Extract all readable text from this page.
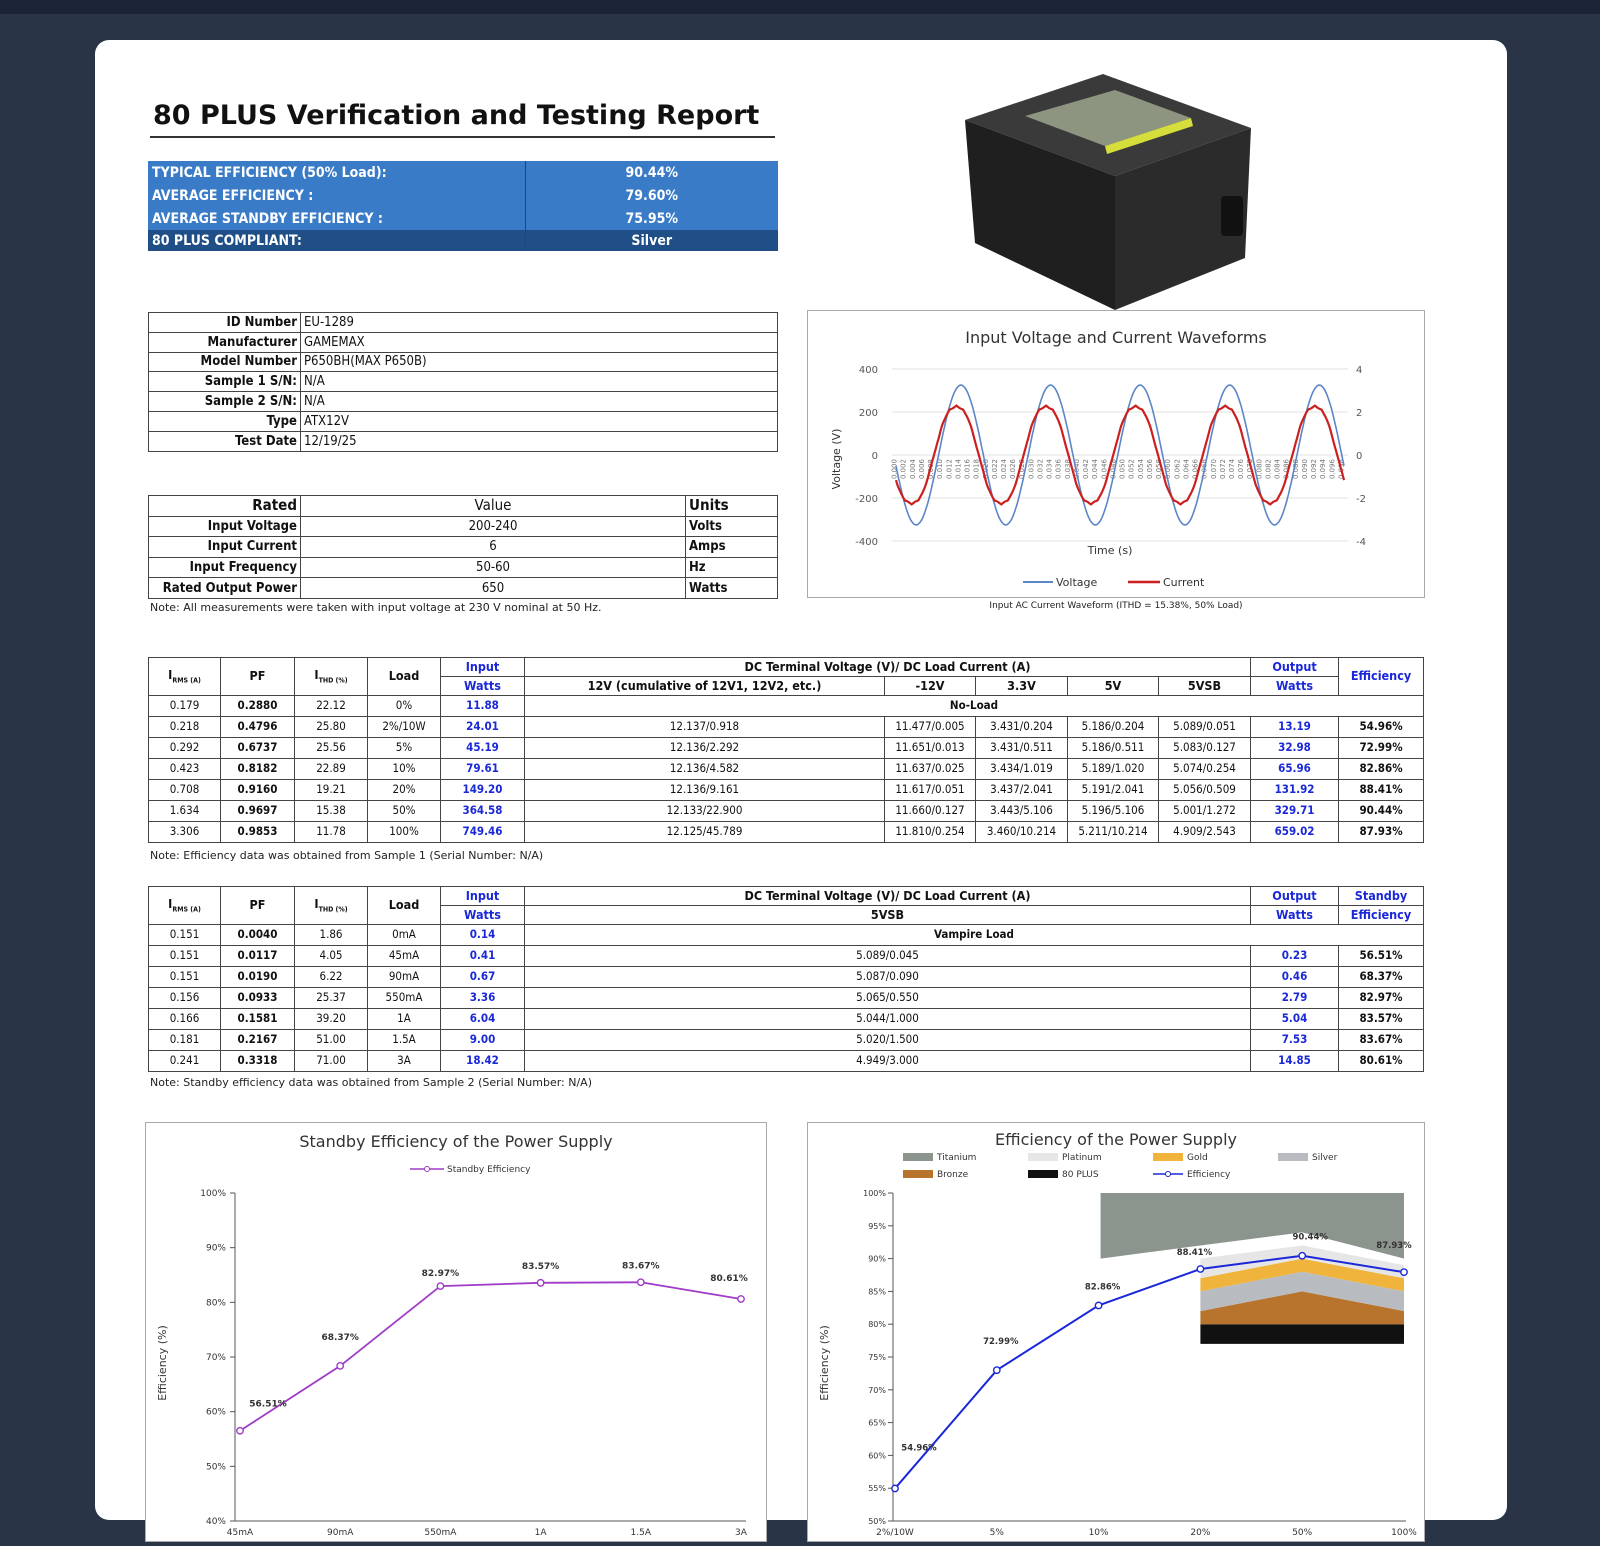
80 PLUS Verification and Testing Report
TYPICAL EFFICIENCY (50% Load):	90.44%
AVERAGE EFFICIENCY :	79.60%
AVERAGE STANDBY EFFICIENCY :	75.95%
80 PLUS COMPLIANT:	Silver
ID Number	EU-1289
Manufacturer	GAMEMAX
Model Number	P650BH(MAX P650B)
Sample 1 S/N:	N/A
Sample 2 S/N:	N/A
Type	ATX12V
Test Date	12/19/25
Rated	Value	Units
Input Voltage	200-240	Volts
Input Current	6	Amps
Input Frequency	50-60	Hz
Rated Output Power	650	Watts
Note: All measurements were taken with input voltage at 230 V nominal at 50 Hz.
Input Voltage and Current Waveforms
Voltage (V)
Time (s)
400
200
0
-200
-400
4
2
0
-2
-4
0.000 0.002 0.004 0.006 0.008 0.010 0.012 0.014 0.016 0.018 0.020 0.022 0.024 0.026 0.028 0.030 0.032 0.034 0.036 0.038 0.040 0.042 0.044 0.046 0.048 0.050 0.052 0.054 0.056 0.058 0.060 0.062 0.064 0.066 0.068 0.070 0.072 0.074 0.076 0.078 0.080 0.082 0.084 0.086 0.088 0.090 0.092 0.094 0.096 0.098
Voltage	Current
Input AC Current Waveform (ITHD = 15.38%, 50% Load)
$I_{RMS (A)}$	PF	$I_{THD (\%)}$	Load	Input	DC Terminal Voltage (V)/ DC Load Current (A)					Output	Efficiency
				Watts	12V (cumulative of 12V1, 12V2, etc.)	-12V	3.3V	5V	5VSB	Watts	
0.179	0.2880	22.12	0%	11.88	No-Load						
0.218	0.4796	25.80	2%/10W	24.01	12.137/0.918	11.477/0.005	3.431/0.204	5.186/0.204	5.089/0.051	13.19	54.96%
0.292	0.6737	25.56	5%	45.19	12.136/2.292	11.651/0.013	3.431/0.511	5.186/0.511	5.083/0.127	32.98	72.99%
0.423	0.8182	22.89	10%	79.61	12.136/4.582	11.637/0.025	3.434/1.019	5.189/1.020	5.074/0.254	65.96	82.86%
0.708	0.9160	19.21	20%	149.20	12.136/9.161	11.617/0.051	3.437/2.041	5.191/2.041	5.056/0.509	131.92	88.41%
1.634	0.9697	15.38	50%	364.58	12.133/22.900	11.660/0.127	3.443/5.106	5.196/5.106	5.001/1.272	329.71	90.44%
3.306	0.9853	11.78	100%	749.46	12.125/45.789	11.810/0.254	3.460/10.214	5.211/10.214	4.909/2.543	659.02	87.93%
Note: Efficiency data was obtained from Sample 1 (Serial Number: N/A)
$I_{RMS (A)}$	PF	$I_{THD (\%)}$	Load	Input	DC Terminal Voltage (V)/ DC Load Current (A)	Output	Standby
				Watts	5VSB	Watts	Efficiency
0.151	0.0040	1.86	0mA	0.14	Vampire Load		
0.151	0.0117	4.05	45mA	0.41	5.089/0.045	0.23	56.51%
0.151	0.0190	6.22	90mA	0.67	5.087/0.090	0.46	68.37%
0.156	0.0933	25.37	550mA	3.36	5.065/0.550	2.79	82.97%
0.166	0.1581	39.20	1A	6.04	5.044/1.000	5.04	83.57%
0.181	0.2167	51.00	1.5A	9.00	5.020/1.500	7.53	83.67%
0.241	0.3318	71.00	3A	18.42	4.949/3.000	14.85	80.61%
Note: Standby efficiency data was obtained from Sample 2 (Serial Number: N/A)
Standby Efficiency of the Power Supply
Standby Efficiency
Efficiency (%)
100%
90%
80%
70%
60%
50%
40%
45mA	90mA	550mA	1A	1.5A	3A
56.51%
68.37%
82.97%
83.57%	83.67%
80.61%
Efficiency of the Power Supply
Titanium	Platinum	Gold	Silver
Bronze	80 PLUS	Efficiency
Efficiency (%)
100%
95%
90%
85%
80%
75%
70%
65%
60%
55%
50%
2%/10W	5%	10%	20%	50%	100%
54.96%
72.99%
82.86%
88.41%
90.44%
87.93%
